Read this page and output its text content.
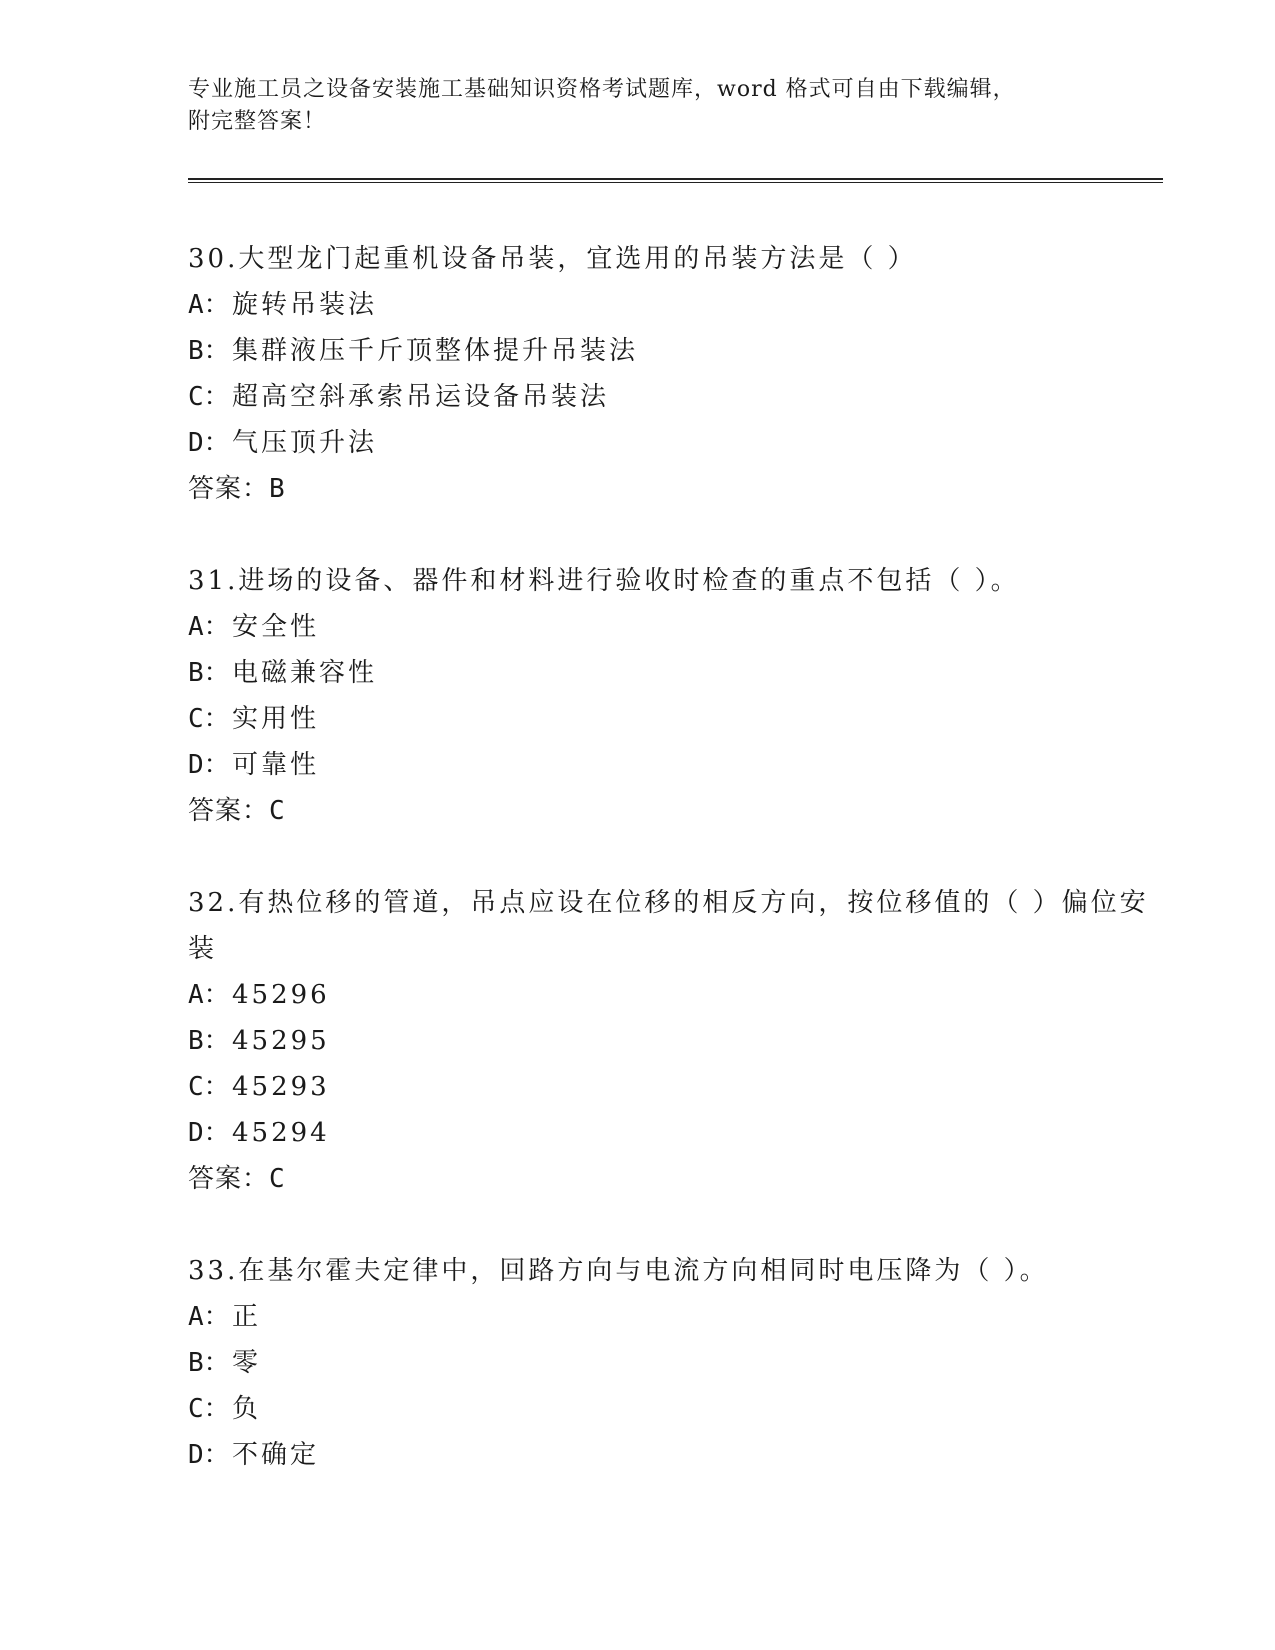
专业施工员之设备安装施工基础知识资格考试题库，word 格式可自由下载编辑，
附完整答案！
30.大型龙门起重机设备吊装，宜选用的吊装方法是（ ）
A： 旋转吊装法
B： 集群液压千斤顶整体提升吊装法
C： 超高空斜承索吊运设备吊装法
D： 气压顶升法
答案：B
31.进场的设备、器件和材料进行验收时检查的重点不包括（ ）。
A： 安全性
B： 电磁兼容性
C： 实用性
D： 可靠性
答案：C
32.有热位移的管道，吊点应设在位移的相反方向，按位移值的（ ）偏位安装
A： 45296
B： 45295
C： 45293
D： 45294
答案：C
33.在基尔霍夫定律中，回路方向与电流方向相同时电压降为（ ）。
A： 正
B： 零
C： 负
D： 不确定
